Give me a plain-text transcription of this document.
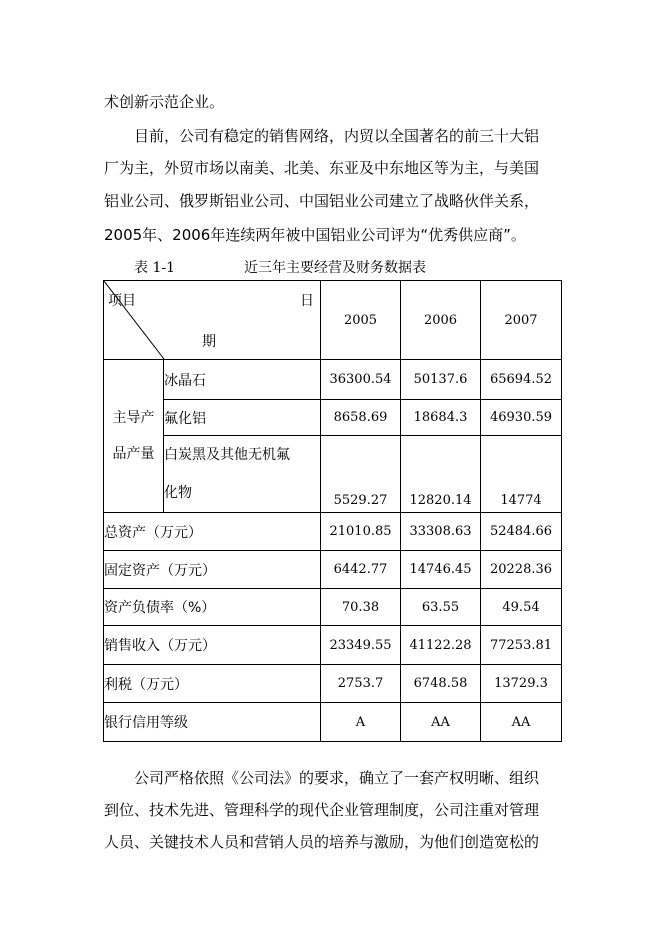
术创新示范企业。
目前，公司有稳定的销售网络，内贸以全国著名的前三十大铝
厂为主，外贸市场以南美、北美、东亚及中东地区等为主，与美国
铝业公司、俄罗斯铝业公司、中国铝业公司建立了战略伙伴关系，
2005年、2006年连续两年被中国铝业公司评为“优秀供应商”。
表 1-1	近三年主要经营及财务数据表
项目 日
期		2005	2006	2007

主导产
品产量	冰晶石	36300.54	50137.6	65694.52
	氟化铝	8658.69	18684.3	46930.59

	白炭黑及其他无机氟
化物	5529.27	12820.14	14774
总资产（万元）		21010.85	33308.63	52484.66
固定资产（万元）		6442.77	14746.45	20228.36
资产负债率（%）		70.38	63.55	49.54
销售收入（万元）		23349.55	41122.28	77253.81
利税（万元）		2753.7	6748.58	13729.3
银行信用等级		A	AA	AA
公司严格依照《公司法》的要求，确立了一套产权明晰、组织
到位、技术先进、管理科学的现代企业管理制度，公司注重对管理
人员、关键技术人员和营销人员的培养与激励，为他们创造宽松的
